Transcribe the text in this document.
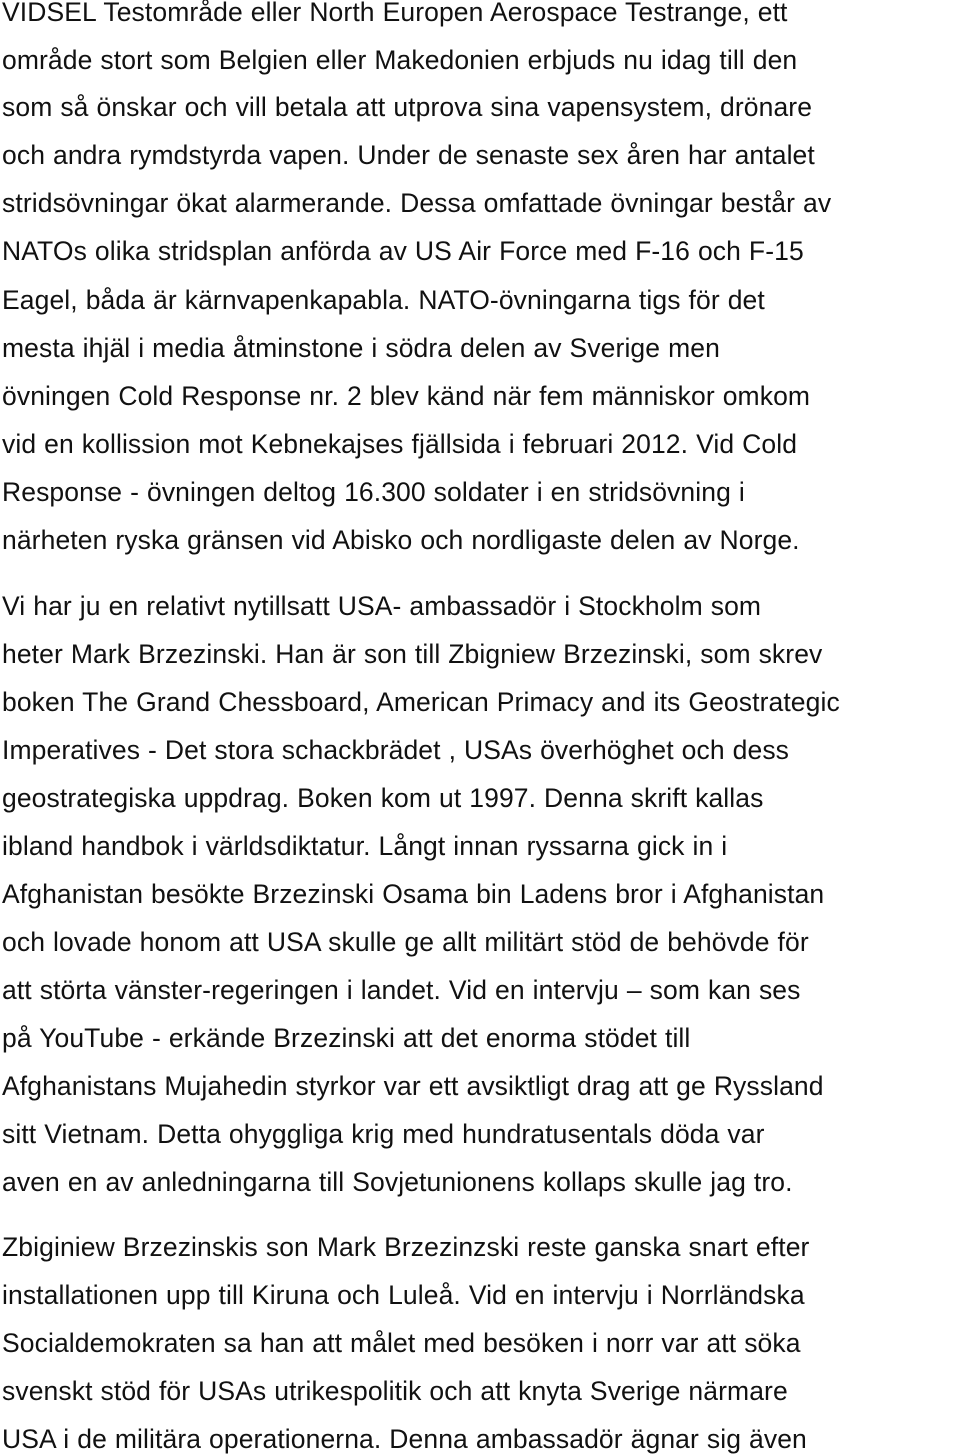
VIDSEL Testområde eller North Europen Aerospace Testrange, ett
område stort som Belgien eller Makedonien erbjuds nu idag till den
som så önskar och vill betala att utprova sina vapensystem, drönare
och andra rymdstyrda vapen. Under de senaste sex åren har antalet
stridsövningar ökat alarmerande. Dessa omfattade övningar består av
NATOs olika stridsplan anförda av US Air Force med F-16 och F-15
Eagel, båda är kärnvapenkapabla. NATO-övningarna tigs för det
mesta ihjäl i media åtminstone i södra delen av Sverige men
övningen Cold Response nr. 2 blev känd när fem människor omkom
vid en kollission mot Kebnekajses fjällsida i februari 2012. Vid Cold
Response - övningen deltog 16.300 soldater i en stridsövning i
närheten ryska gränsen vid Abisko och nordligaste delen av Norge.
Vi har ju en relativt nytillsatt USA- ambassadör i Stockholm som
heter Mark Brzezinski. Han är son till Zbigniew Brzezinski, som skrev
boken The Grand Chessboard, American Primacy and its Geostrategic
Imperatives - Det stora schackbrädet , USAs överhöghet och dess
geostrategiska uppdrag. Boken kom ut 1997. Denna skrift kallas
ibland handbok i världsdiktatur. Långt innan ryssarna gick in i
Afghanistan besökte Brzezinski Osama bin Ladens bror i Afghanistan
och lovade honom att USA skulle ge allt militärt stöd de behövde för
att störta vänster-regeringen i landet. Vid en intervju – som kan ses
på YouTube - erkände Brzezinski att det enorma stödet till
Afghanistans Mujahedin styrkor var ett avsiktligt drag att ge Ryssland
sitt Vietnam. Detta ohyggliga krig med hundratusentals döda var
aven en av anledningarna till Sovjetunionens kollaps skulle jag tro.
Zbiginiew Brzezinskis son Mark Brzezinzski reste ganska snart efter
installationen upp till Kiruna och Luleå. Vid en intervju i Norrländska
Socialdemokraten sa han att målet med besöken i norr var att söka
svenskt stöd för USAs utrikespolitik och att knyta Sverige närmare
USA i de militära operationerna. Denna ambassadör ägnar sig även
